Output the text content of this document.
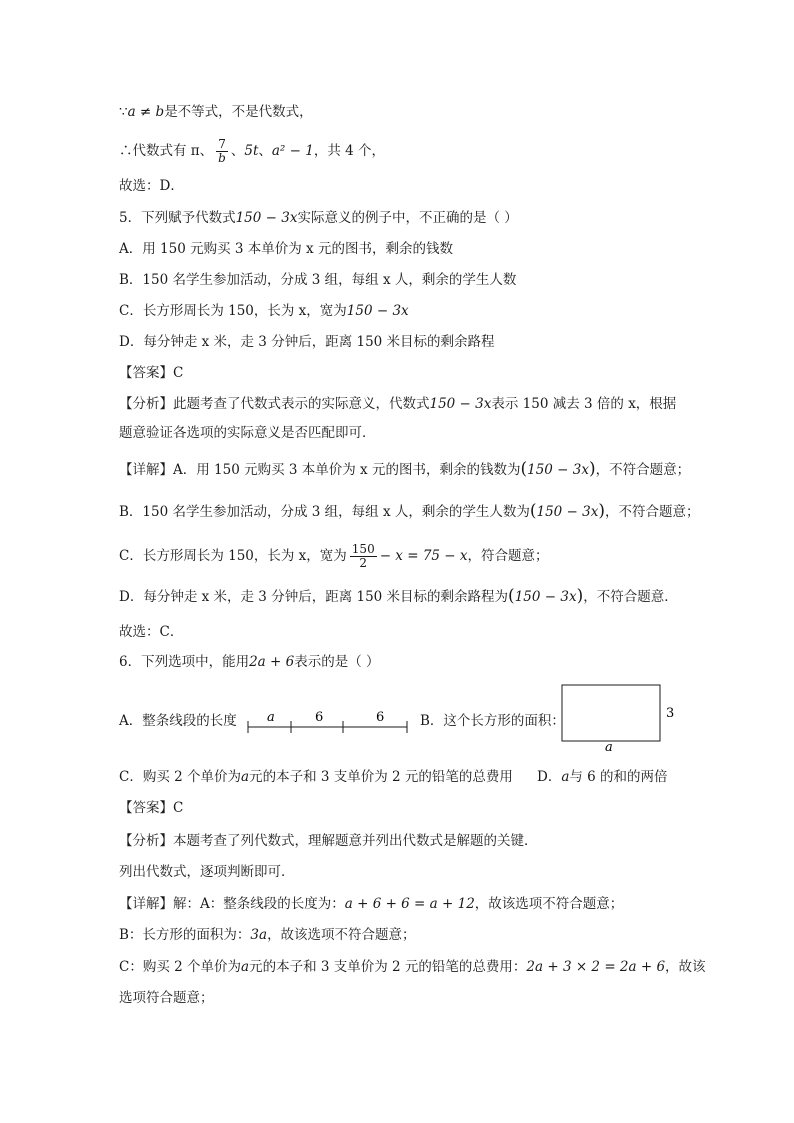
∵a ≠ b是不等式，不是代数式，
∴代数式有 π、 $\frac{7}{b}$ 、5t、a² − 1，共 4 个，
故选：D．
5．下列赋予代数式150 − 3x实际意义的例子中，不正确的是（ ）
A．用 150 元购买 3 本单价为 x 元的图书，剩余的钱数
B．150 名学生参加活动，分成 3 组，每组 x 人，剩余的学生人数
C．长方形周长为 150，长为 x，宽为150 − 3x
D．每分钟走 x 米，走 3 分钟后，距离 150 米目标的剩余路程
【答案】C
【分析】此题考查了代数式表示的实际意义，代数式150 − 3x表示 150 减去 3 倍的 x，根据
题意验证各选项的实际意义是否匹配即可．
【详解】A．用 150 元购买 3 本单价为 x 元的图书，剩余的钱数为(150 − 3x)，不符合题意；
B．150 名学生参加活动，分成 3 组，每组 x 人，剩余的学生人数为(150 − 3x)，不符合题意；
C．长方形周长为 150，长为 x，宽为 $\frac{150}{2} - x = 75 - x$，符合题意；
D．每分钟走 x 米，走 3 分钟后，距离 150 米目标的剩余路程为(150 − 3x)，不符合题意．
故选：C．
6．下列选项中，能用2a + 6表示的是（ ）
A．整条线段的长度 a	6	6	B．这个长方形的面积：	3
a
C．购买 2 个单价为a元的本子和 3 支单价为 2 元的铅笔的总费用 D．a与 6 的和的两倍
【答案】C
【分析】本题考查了列代数式，理解题意并列出代数式是解题的关键．
列出代数式，逐项判断即可．
【详解】解：A：整条线段的长度为：a + 6 + 6 = a + 12，故该选项不符合题意；
B：长方形的面积为：3a，故该选项不符合题意；
C：购买 2 个单价为a元的本子和 3 支单价为 2 元的铅笔的总费用：2a + 3 × 2 = 2a + 6，故该
选项符合题意；
